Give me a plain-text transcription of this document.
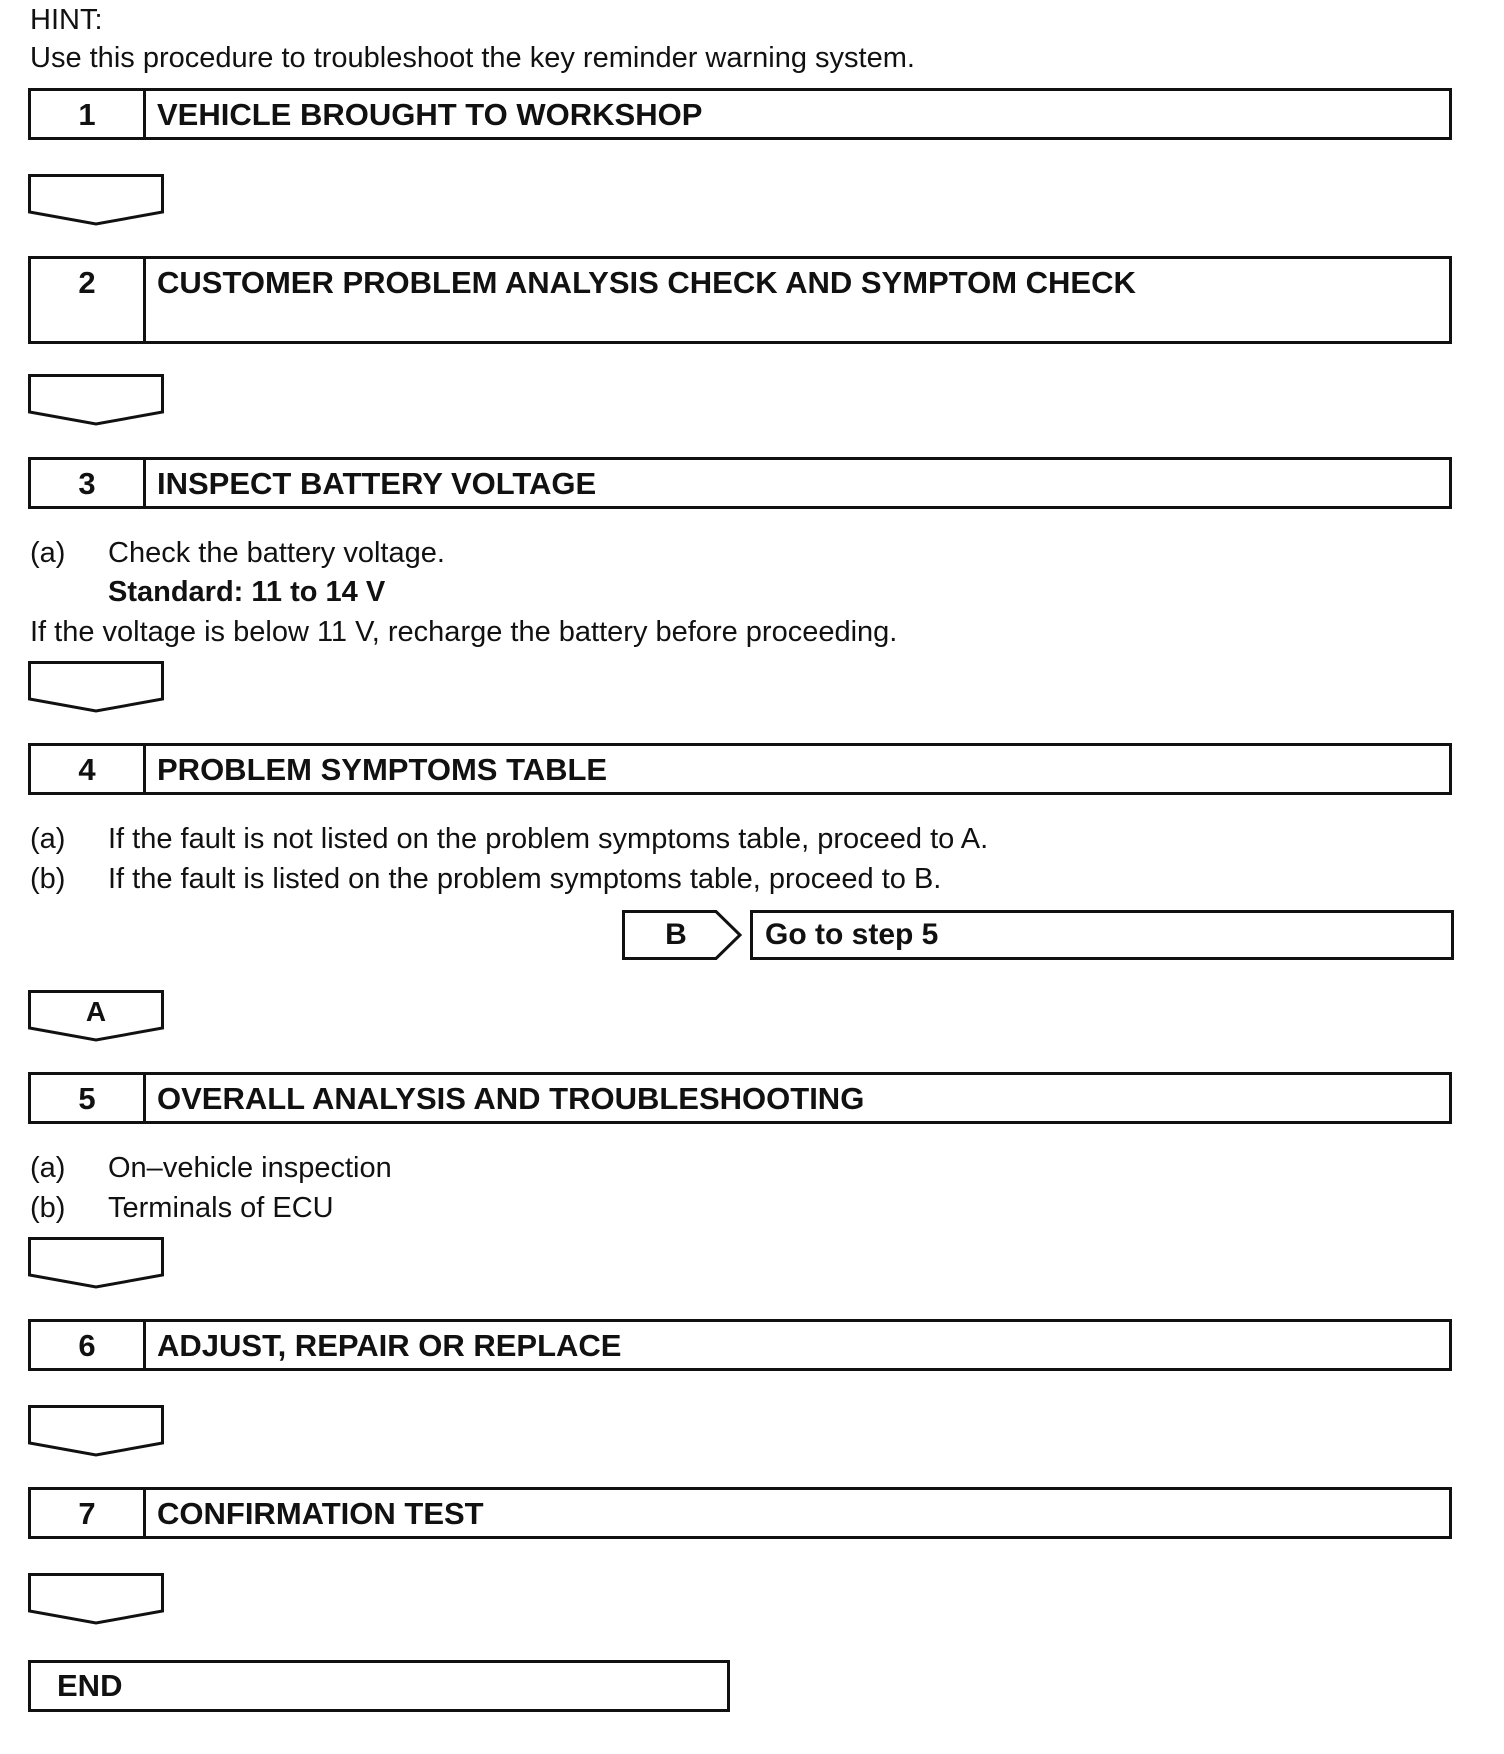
HINT:
Use this procedure to troubleshoot the key reminder warning system.
1	VEHICLE BROUGHT TO WORKSHOP
2	CUSTOMER PROBLEM ANALYSIS CHECK AND SYMPTOM CHECK
3	INSPECT BATTERY VOLTAGE
(a) Check the battery voltage.
Standard: 11 to 14 V
If the voltage is below 11 V, recharge the battery before proceeding.
4	PROBLEM SYMPTOMS TABLE
(a) If the fault is not listed on the problem symptoms table, proceed to A.
(b) If the fault is listed on the problem symptoms table, proceed to B.
B	Go to step 5
A
5	OVERALL ANALYSIS AND TROUBLESHOOTING
(a) On–vehicle inspection
(b) Terminals of ECU
6	ADJUST, REPAIR OR REPLACE
7	CONFIRMATION TEST
END
